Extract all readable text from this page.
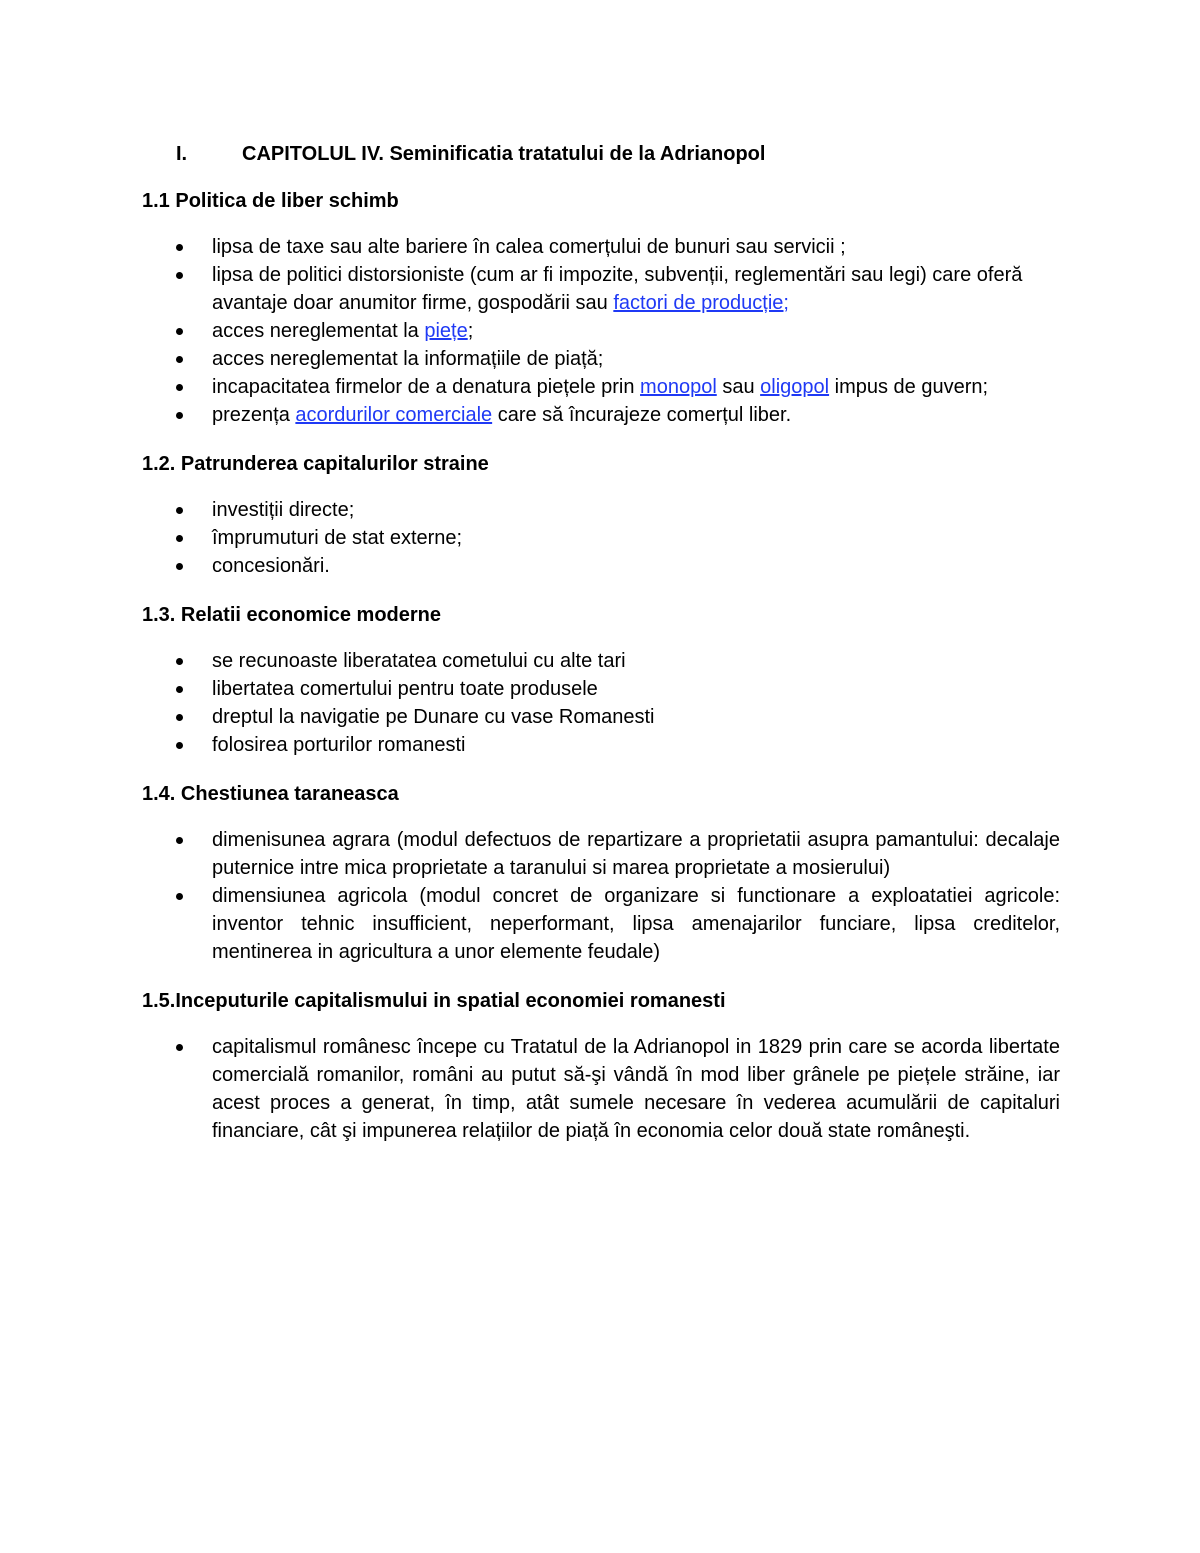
I.	CAPITOLUL IV. Seminificatia tratatului de la Adrianopol
1.1 Politica de liber schimb
lipsa de taxe sau alte bariere în calea comerțului de bunuri sau servicii ;
lipsa de politici distorsioniste (cum ar fi impozite, subvenții, reglementări sau legi) care oferă avantaje doar anumitor firme, gospodării sau factori de producție;
acces nereglementat la piețe;
acces nereglementat la informațiile de piață;
incapacitatea firmelor de a denatura piețele prin monopol sau oligopol impus de guvern;
prezența acordurilor comerciale care să încurajeze comerțul liber.
1.2. Patrunderea capitalurilor straine
investiții directe;
împrumuturi de stat externe;
concesionări.
1.3. Relatii economice moderne
se recunoaste liberatatea cometului cu alte tari
libertatea comertului pentru toate produsele
dreptul la navigatie pe Dunare cu vase Romanesti
folosirea porturilor romanesti
1.4. Chestiunea taraneasca
dimenisunea agrara (modul defectuos de repartizare a proprietatii asupra pamantului: decalaje puternice intre mica proprietate a taranului si marea proprietate a mosierului)
dimensiunea agricola (modul concret de organizare si functionare a exploatatiei agricole: inventor tehnic insufficient, neperformant, lipsa amenajarilor funciare, lipsa creditelor, mentinerea in agricultura a unor elemente feudale)
1.5.Inceputurile capitalismului in spatial economiei romanesti
capitalismul românesc începe cu Tratatul de la Adrianopol in 1829 prin care se acorda libertate comercială romanilor, români au putut să-şi vândă în mod liber grânele pe piețele străine, iar acest proces a generat, în timp, atât sumele necesare în vederea acumulării de capitaluri financiare, cât şi impunerea relațiilor de piață în economia celor două state româneşti.
